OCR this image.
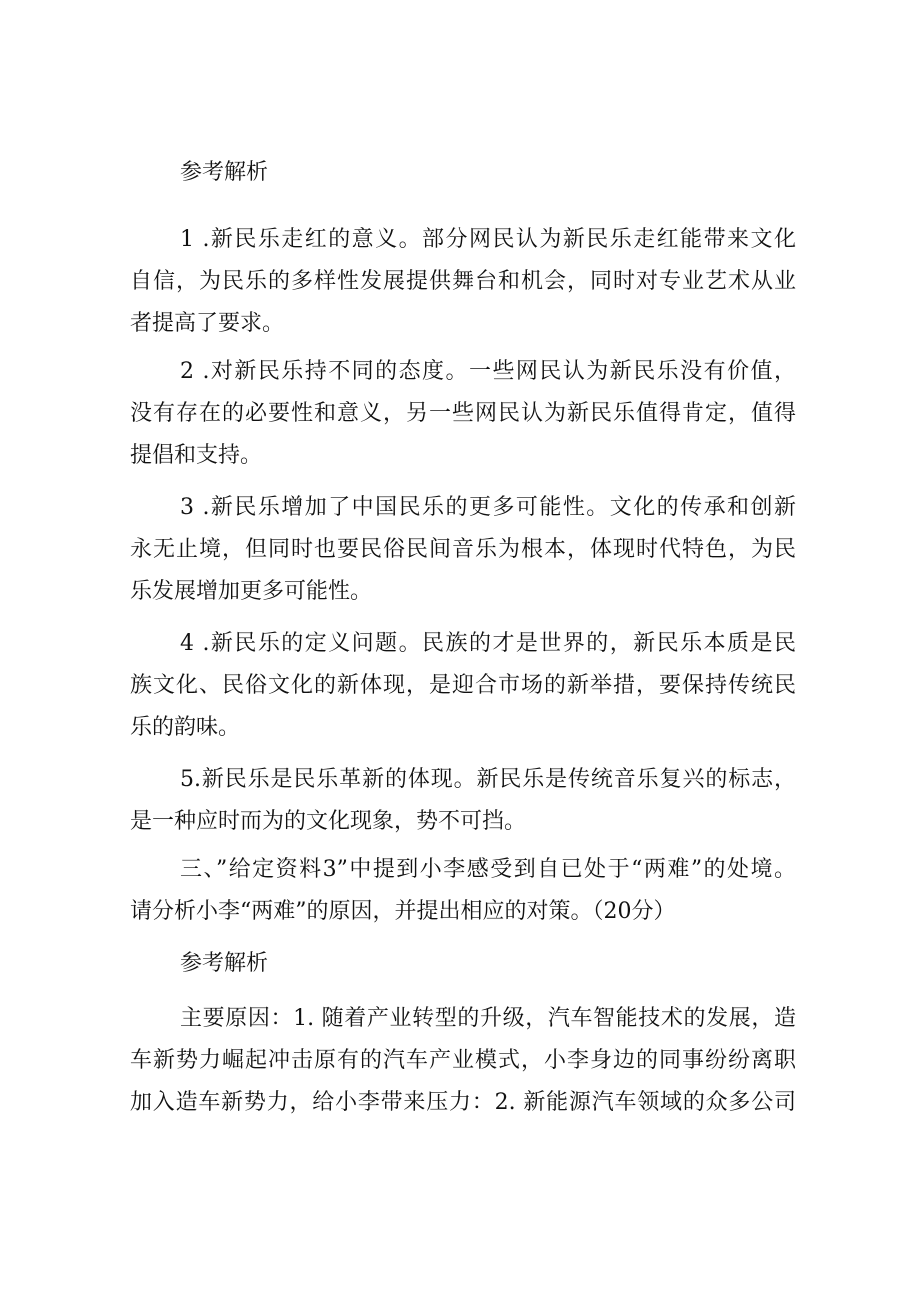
参考解析
1 .新民乐走红的意义。部分网民认为新民乐走红能带来文化
自信，为民乐的多样性发展提供舞台和机会，同时对专业艺术从业
者提高了要求。
2 .对新民乐持不同的态度。一些网民认为新民乐没有价值，
没有存在的必要性和意义，另一些网民认为新民乐值得肯定，值得
提倡和支持。
3 .新民乐增加了中国民乐的更多可能性。文化的传承和创新
永无止境，但同时也要民俗民间音乐为根本，体现时代特色，为民
乐发展增加更多可能性。
4 .新民乐的定义问题。民族的才是世界的，新民乐本质是民
族文化、民俗文化的新体现，是迎合市场的新举措，要保持传统民
乐的韵味。
5.新民乐是民乐革新的体现。新民乐是传统音乐复兴的标志，
是一种应时而为的文化现象，势不可挡。
三、”给定资料3”中提到小李感受到自已处于“两难”的处境。
请分析小李“两难”的原因，并提出相应的对策。（20分）
参考解析
主要原因：1. 随着产业转型的升级，汽车智能技术的发展，造
车新势力崛起冲击原有的汽车产业模式，小李身边的同事纷纷离职
加入造车新势力，给小李带来压力：2. 新能源汽车领域的众多公司
